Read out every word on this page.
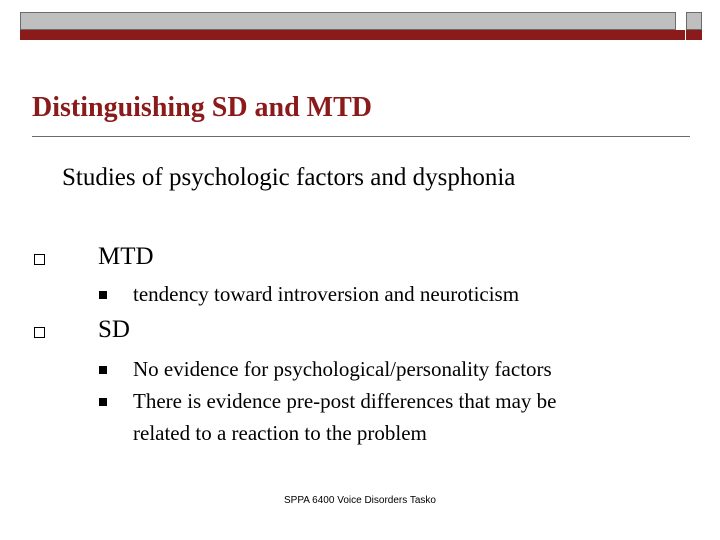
Distinguishing SD and MTD
Studies of psychologic factors and dysphonia
MTD
tendency toward introversion and neuroticism
SD
No evidence for psychological/personality factors
There is evidence pre-post differences that may be
related to a reaction to the problem
SPPA 6400 Voice Disorders Tasko
